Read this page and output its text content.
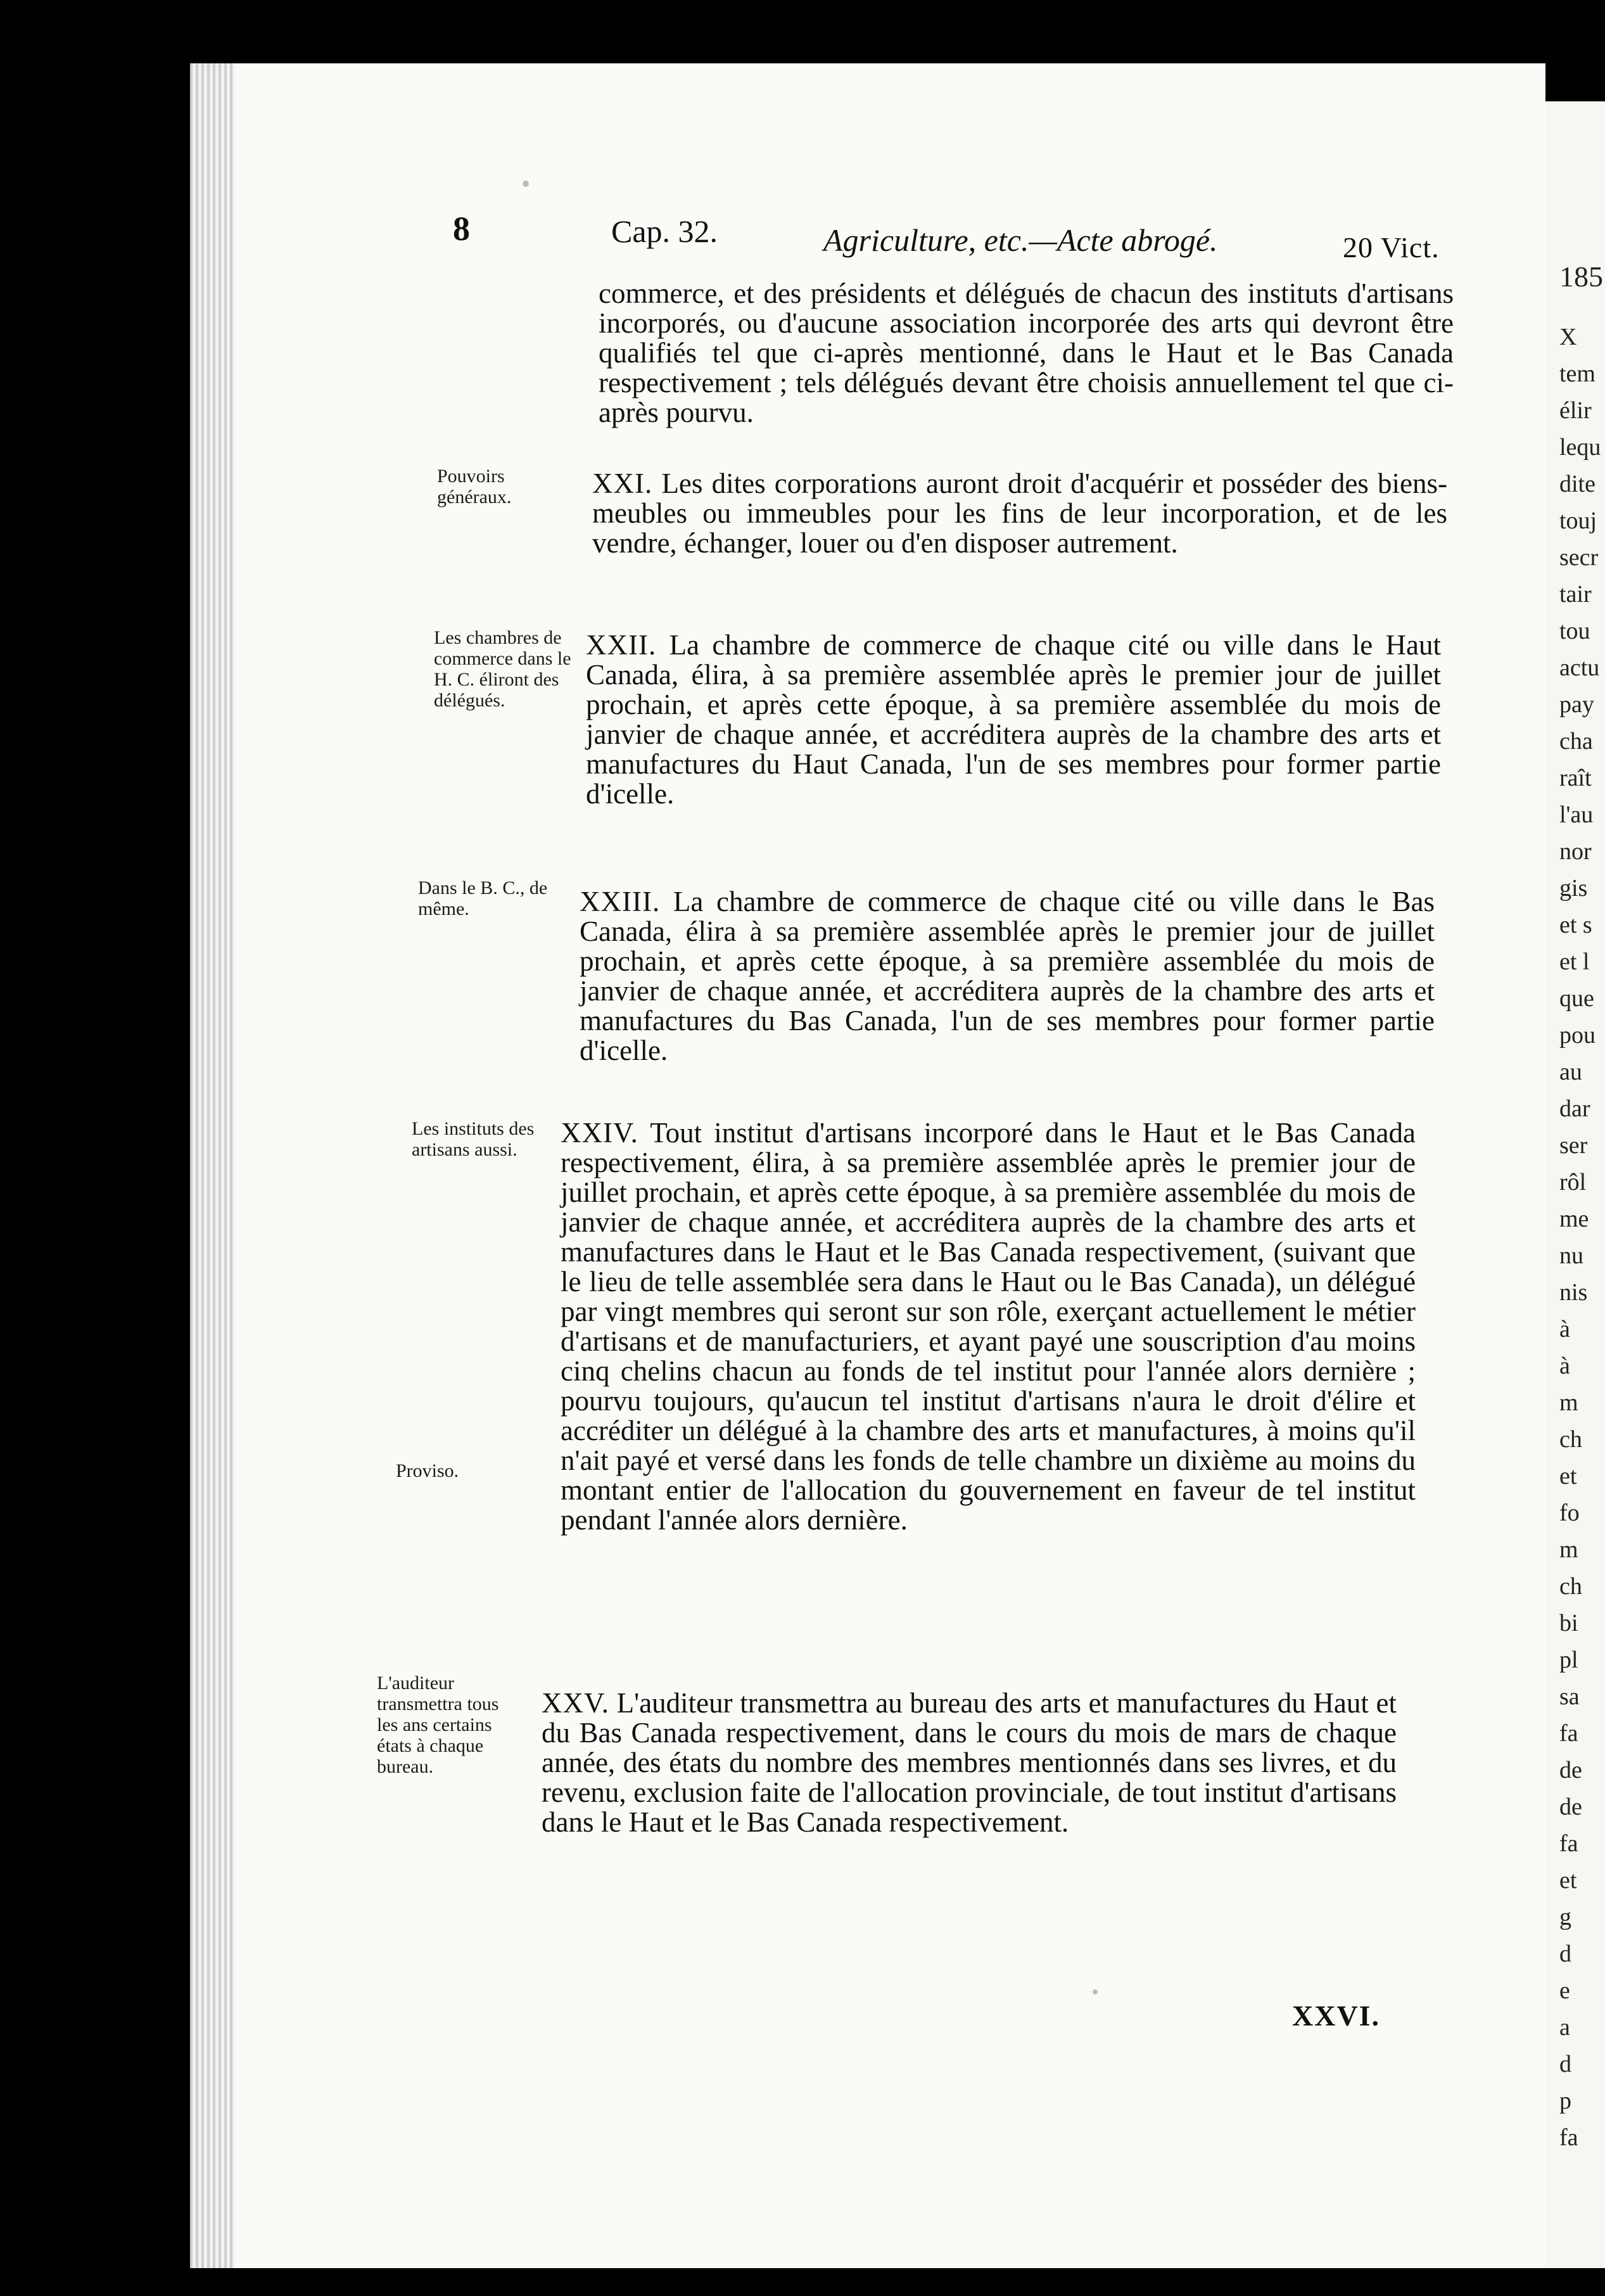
185
X
tem
élir
lequ
dite
touj
secr
tair
tou
actu
pay
cha
raît
l'au
nor
gis
et s
et l
que
pou
au
dar
ser
rôl
me
nu
nis
à
à
m
ch
et
fo
m
ch
bi
pl
sa
fa
de
de
fa
et
g
d
e
a
d
p
fa
8	Cap. 32.	Agriculture, etc.—Acte abrogé.	20 Vict.
commerce, et des présidents et délégués de chacun des instituts d'artisans incorporés, ou d'aucune association incorporée des arts qui devront être qualifiés tel que ci-après mentionné, dans le Haut et le Bas Canada respectivement ; tels délégués devant être choisis annuellement tel que ci-après pourvu.
Pouvoirs généraux.	XXI. Les dites corporations auront droit d'acquérir et posséder des biens-meubles ou immeubles pour les fins de leur incorporation, et de les vendre, échanger, louer ou d'en disposer autrement.
Les chambres de commerce dans le H. C. éliront des délégués.
XXII. La chambre de commerce de chaque cité ou ville dans le Haut Canada, élira, à sa première assemblée après le premier jour de juillet prochain, et après cette époque, à sa première assemblée du mois de janvier de chaque année, et accréditera auprès de la chambre des arts et manufactures du Haut Canada, l'un de ses membres pour former partie d'icelle.
Dans le B. C., de même.	XXIII. La chambre de commerce de chaque cité ou ville dans le Bas Canada, élira à sa première assemblée après le premier jour de juillet prochain, et après cette époque, à sa première assemblée du mois de janvier de chaque année, et accréditera auprès de la chambre des arts et manufactures du Bas Canada, l'un de ses membres pour former partie d'icelle.
Les instituts des artisans aussi.
Proviso.
XXIV. Tout institut d'artisans incorporé dans le Haut et le Bas Canada respectivement, élira, à sa première assemblée après le premier jour de juillet prochain, et après cette époque, à sa première assemblée du mois de janvier de chaque année, et accréditera auprès de la chambre des arts et manufactures dans le Haut et le Bas Canada respectivement, (suivant que le lieu de telle assemblée sera dans le Haut ou le Bas Canada), un délégué par vingt membres qui seront sur son rôle, exerçant actuellement le métier d'artisans et de manufacturiers, et ayant payé une souscription d'au moins cinq chelins chacun au fonds de tel institut pour l'année alors dernière ; pourvu toujours, qu'aucun tel institut d'artisans n'aura le droit d'élire et accréditer un délégué à la chambre des arts et manufactures, à moins qu'il n'ait payé et versé dans les fonds de telle chambre un dixième au moins du montant entier de l'allocation du gouvernement en faveur de tel institut pendant l'année alors dernière.
L'auditeur transmettra tous les ans certains états à chaque bureau.
XXV. L'auditeur transmettra au bureau des arts et manufactures du Haut et du Bas Canada respectivement, dans le cours du mois de mars de chaque année, des états du nombre des membres mentionnés dans ses livres, et du revenu, exclusion faite de l'allocation provinciale, de tout institut d'artisans dans le Haut et le Bas Canada respectivement.
XXVI.
